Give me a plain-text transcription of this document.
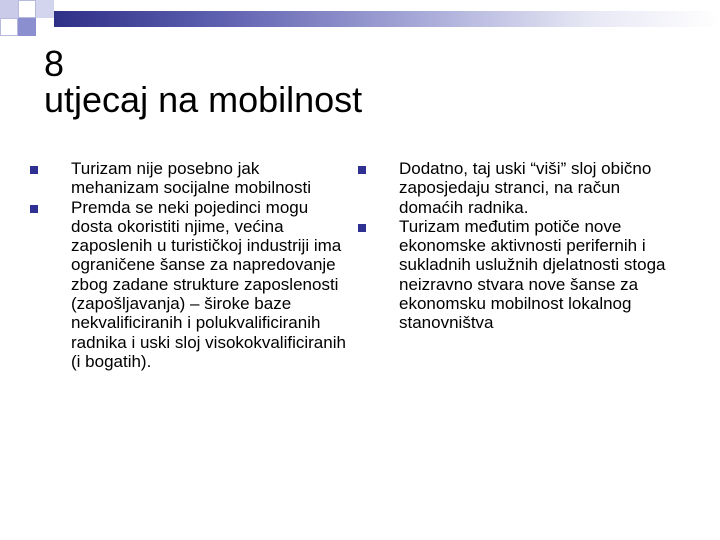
8
utjecaj na mobilnost
Turizam nije posebno jak mehanizam socijalne mobilnosti
Premda se neki pojedinci mogu dosta okoristiti njime, većina zaposlenih u turističkoj industriji ima ograničene šanse za napredovanje zbog zadane strukture zaposlenosti (zapošljavanja) – široke baze nekvalificiranih i polukvalificiranih radnika i uski sloj visokokvalificiranih (i bogatih).
Dodatno, taj uski “viši” sloj obično zaposjedaju stranci, na račun domaćih radnika.
Turizam međutim potiče nove ekonomske aktivnosti perifernih i sukladnih uslužnih djelatnosti stoga neizravno stvara nove šanse za ekonomsku mobilnost lokalnog stanovništva
